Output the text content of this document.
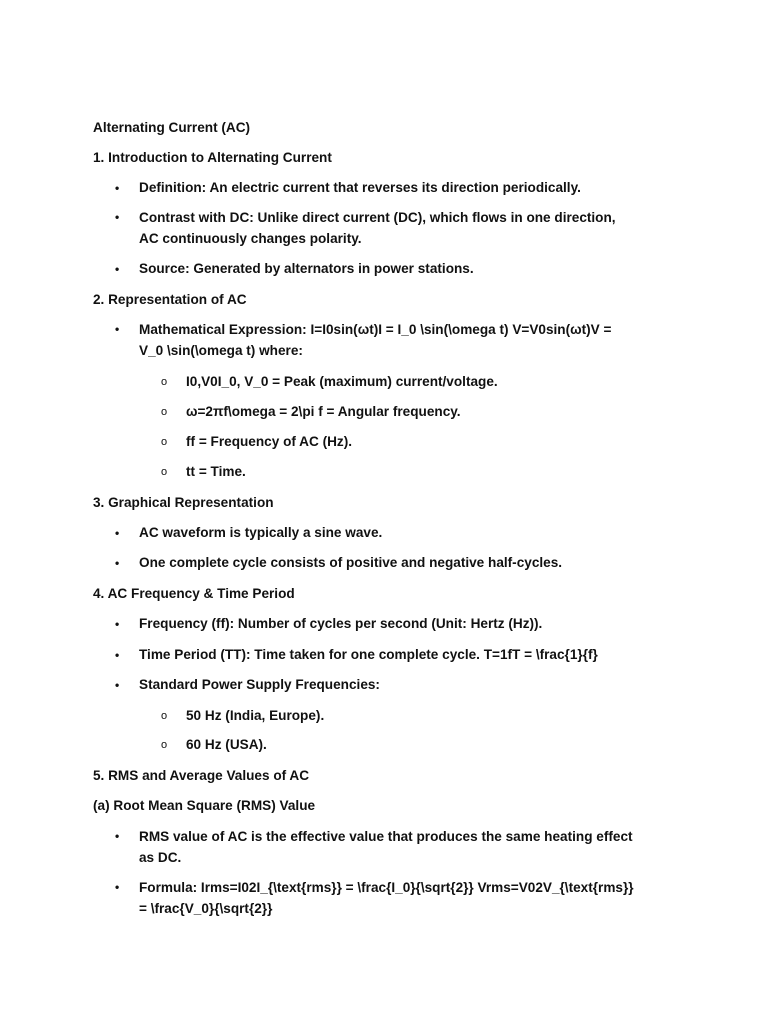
Alternating Current (AC)
1. Introduction to Alternating Current
• Definition: An electric current that reverses its direction periodically.
• Contrast with DC: Unlike direct current (DC), which flows in one direction,
AC continuously changes polarity.
• Source: Generated by alternators in power stations.
2. Representation of AC
• Mathematical Expression: I=I0sin⁡(ωt)I = I_0 \sin(\omega t) V=V0sin⁡(ωt)V =
V_0 \sin(\omega t) where:
o I0,V0I_0, V_0 = Peak (maximum) current/voltage.
o ω=2πf\omega = 2\pi f = Angular frequency.
o ff = Frequency of AC (Hz).
o tt = Time.
3. Graphical Representation
• AC waveform is typically a sine wave.
• One complete cycle consists of positive and negative half-cycles.
4. AC Frequency & Time Period
• Frequency (ff): Number of cycles per second (Unit: Hertz (Hz)).
• Time Period (TT): Time taken for one complete cycle. T=1fT = \frac{1}{f}
• Standard Power Supply Frequencies:
o 50 Hz (India, Europe).
o 60 Hz (USA).
5. RMS and Average Values of AC
(a) Root Mean Square (RMS) Value
• RMS value of AC is the effective value that produces the same heating effect
as DC.
• Formula: Irms=I02I_{\text{rms}} = \frac{I_0}{\sqrt{2}} Vrms=V02V_{\text{rms}}
= \frac{V_0}{\sqrt{2}}
